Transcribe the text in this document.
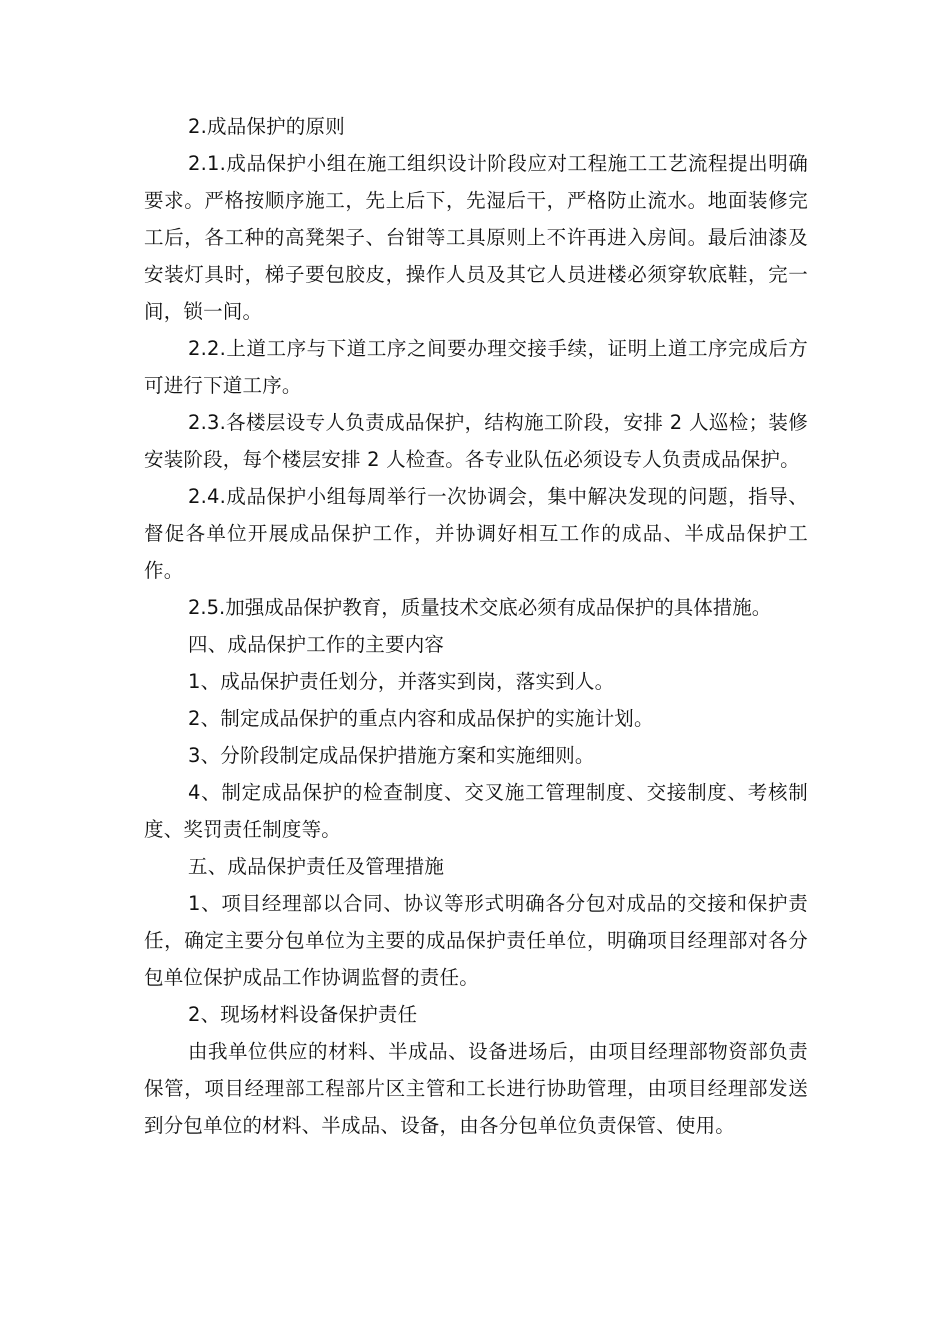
2.成品保护的原则

2.1.成品保护小组在施工组织设计阶段应对工程施工工艺流程提出明确要求。严格按顺序施工，先上后下，先湿后干，严格防止流水。地面装修完工后，各工种的高凳架子、台钳等工具原则上不许再进入房间。最后油漆及安装灯具时，梯子要包胶皮，操作人员及其它人员进楼必须穿软底鞋，完一间，锁一间。

2.2.上道工序与下道工序之间要办理交接手续，证明上道工序完成后方可进行下道工序。

2.3.各楼层设专人负责成品保护，结构施工阶段，安排 2 人巡检；装修安装阶段，每个楼层安排 2 人检查。各专业队伍必须设专人负责成品保护。

2.4.成品保护小组每周举行一次协调会，集中解决发现的问题，指导、督促各单位开展成品保护工作，并协调好相互工作的成品、半成品保护工作。

2.5.加强成品保护教育，质量技术交底必须有成品保护的具体措施。

四、成品保护工作的主要内容

1、成品保护责任划分，并落实到岗，落实到人。

2、制定成品保护的重点内容和成品保护的实施计划。

3、分阶段制定成品保护措施方案和实施细则。

4、制定成品保护的检查制度、交叉施工管理制度、交接制度、考核制度、奖罚责任制度等。

五、成品保护责任及管理措施

1、项目经理部以合同、协议等形式明确各分包对成品的交接和保护责任，确定主要分包单位为主要的成品保护责任单位，明确项目经理部对各分包单位保护成品工作协调监督的责任。

2、现场材料设备保护责任

由我单位供应的材料、半成品、设备进场后，由项目经理部物资部负责保管，项目经理部工程部片区主管和工长进行协助管理，由项目经理部发送到分包单位的材料、半成品、设备，由各分包单位负责保管、使用。
